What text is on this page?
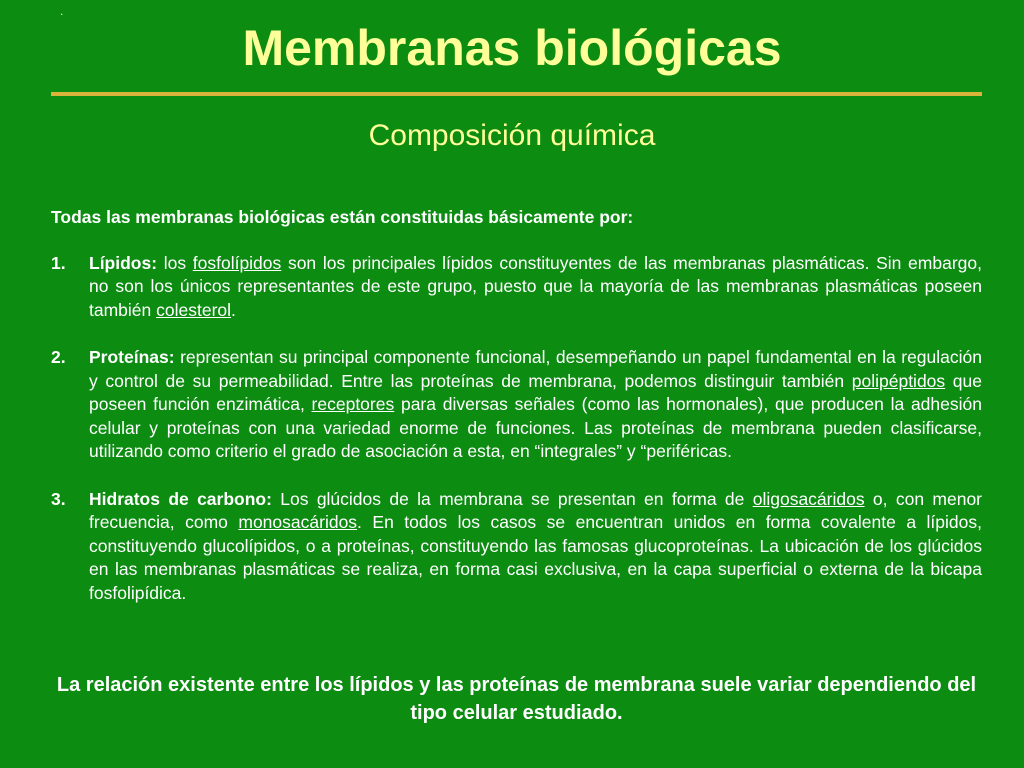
.
Membranas biológicas
Composición química

Todas las membranas biológicas están constituidas básicamente por:

1.	Lípidos: los fosfolípidos son los principales lípidos constituyentes de las membranas plasmáticas. Sin embargo, no son los únicos representantes de este grupo, puesto que la mayoría de las membranas plasmáticas poseen también colesterol.
2.	Proteínas: representan su principal componente funcional, desempeñando un papel fundamental en la regulación y control de su permeabilidad. Entre las proteínas de membrana, podemos distinguir también polipéptidos que poseen función enzimática, receptores para diversas señales (como las hormonales), que producen la adhesión celular y proteínas con una variedad enorme de funciones. Las proteínas de membrana pueden clasificarse, utilizando como criterio el grado de asociación a esta, en “integrales” y “periféricas.
3.	Hidratos de carbono: Los glúcidos de la membrana se presentan en forma de oligosacáridos o, con menor frecuencia, como monosacáridos. En todos los casos se encuentran unidos en forma covalente a lípidos, constituyendo glucolípidos, o a proteínas, constituyendo las famosas glucoproteínas. La ubicación de los glúcidos en las membranas plasmáticas se realiza, en forma casi exclusiva, en la capa superficial o externa de la bicapa fosfolipídica.
La relación existente entre los lípidos y las proteínas de membrana suele variar dependiendo del tipo celular estudiado.
